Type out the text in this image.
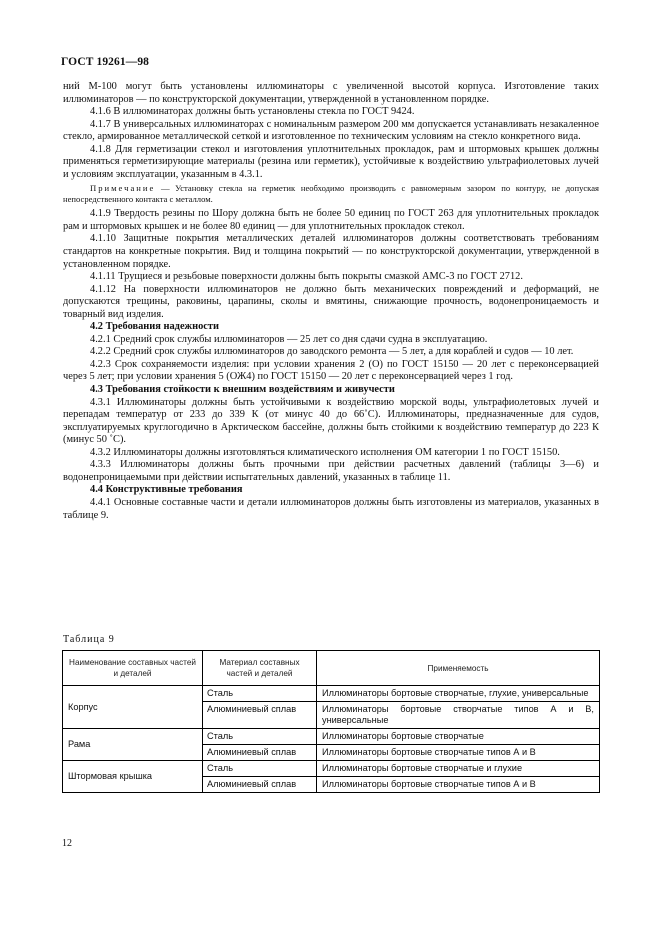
ГОСТ 19261—98

ний М-100 могут быть установлены иллюминаторы с увеличенной высотой корпуса. Изготовление таких иллюминаторов — по конструкторской документации, утвержденной в установленном порядке.

4.1.6 В иллюминаторах должны быть установлены стекла по ГОСТ 9424.

4.1.7 В универсальных иллюминаторах с номинальным размером 200 мм допускается устанавливать незакаленное стекло, армированное металлической сеткой и изготовленное по техническим условиям на стекло конкретного вида.

4.1.8 Для герметизации стекол и изготовления уплотнительных прокладок, рам и штормовых крышек должны применяться герметизирующие материалы (резина или герметик), устойчивые к воздействию ультрафиолетовых лучей и условиям эксплуатации, указанным в 4.3.1.

Примечание — Установку стекла на герметик необходимо производить с равномерным зазором по контуру, не допуская непосредственного контакта с металлом.

4.1.9 Твердость резины по Шору должна быть не более 50 единиц по ГОСТ 263 для уплотнительных прокладок рам и штормовых крышек и не более 80 единиц — для уплотнительных прокладок стекол.

4.1.10 Защитные покрытия металлических деталей иллюминаторов должны соответствовать требованиям стандартов на конкретные покрытия. Вид и толщина покрытий — по конструкторской документации, утвержденной в установленном порядке.

4.1.11 Трущиеся и резьбовые поверхности должны быть покрыты смазкой АМС-3 по ГОСТ 2712.

4.1.12 На поверхности иллюминаторов не должно быть механических повреждений и деформаций, не допускаются трещины, раковины, царапины, сколы и вмятины, снижающие прочность, водонепроницаемость и товарный вид изделия.

4.2 Требования надежности

4.2.1 Средний срок службы иллюминаторов — 25 лет со дня сдачи судна в эксплуатацию.

4.2.2 Средний срок службы иллюминаторов до заводского ремонта — 5 лет, а для кораблей и судов — 10 лет.

4.2.3 Срок сохраняемости изделия: при условии хранения 2 (О) по ГОСТ 15150 — 20 лет с переконсервацией через 5 лет; при условии хранения 5 (ОЖ4) по ГОСТ 15150 — 20 лет с переконсервацией через 1 год.

4.3 Требования стойкости к внешним воздействиям и живучести

4.3.1 Иллюминаторы должны быть устойчивыми к воздействию морской воды, ультрафиолетовых лучей и перепадам температур от 233 до 339 К (от минус 40 до 66˚С). Иллюминаторы, предназначенные для судов, эксплуатируемых круглогодично в Арктическом бассейне, должны быть стойкими к воздействию температур до 223 К (минус 50 ˚С).

4.3.2 Иллюминаторы должны изготовляться климатического исполнения ОМ категории 1 по ГОСТ 15150.

4.3.3 Иллюминаторы должны быть прочными при действии расчетных давлений (таблицы 3—6) и водонепроницаемыми при действии испытательных давлений, указанных в таблице 11.

4.4 Конструктивные требования

4.4.1 Основные составные части и детали иллюминаторов должны быть изготовлены из материалов, указанных в таблице 9.

Таблица 9
Наименование составных частей и деталей	Материал составных частей и деталей	Применяемость
Корпус	Сталь	Иллюминаторы бортовые створчатые, глухие, универсальные
	Алюминиевый сплав	Иллюминаторы бортовые створчатые типов А и В, универсальные
Рама	Сталь	Иллюминаторы бортовые створчатые
	Алюминиевый сплав	Иллюминаторы бортовые створчатые типов А и В
Штормовая крышка	Сталь	Иллюминаторы бортовые створчатые и глухие
	Алюминиевый сплав	Иллюминаторы бортовые створчатые типов А и В
12
